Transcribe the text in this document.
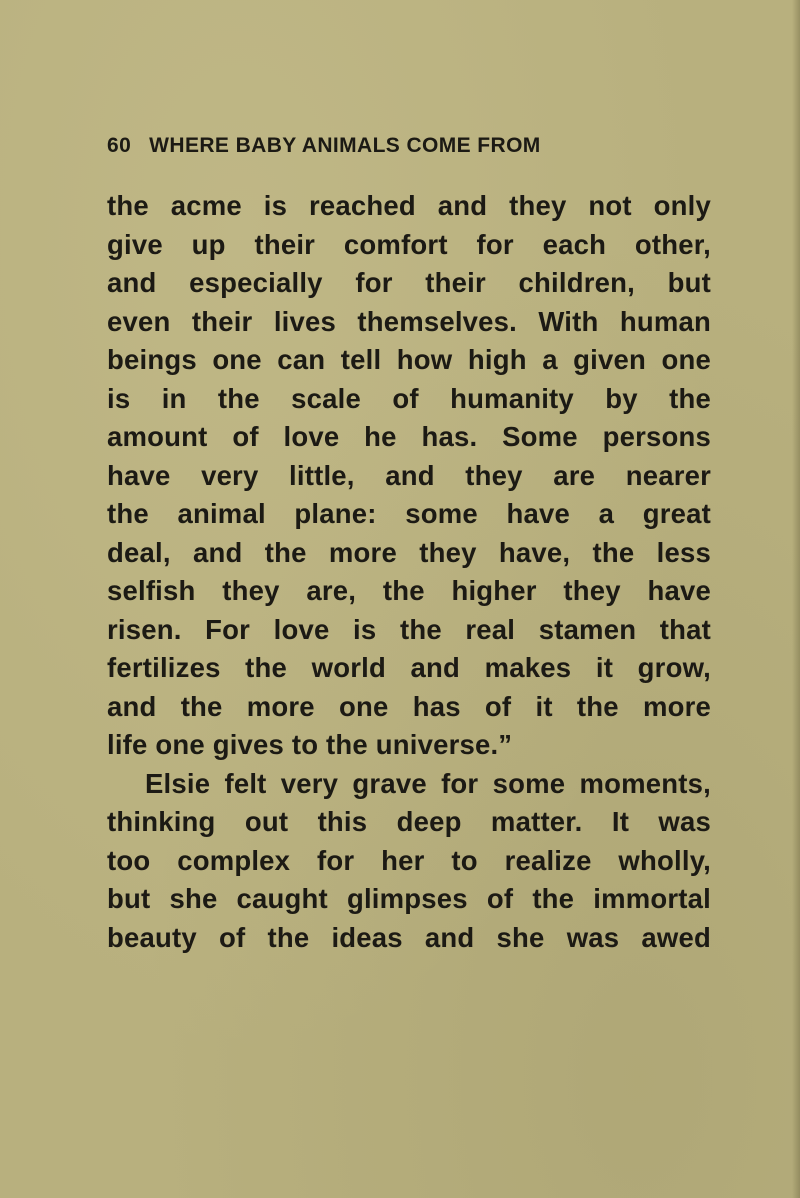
60 WHERE BABY ANIMALS COME FROM
the acme is reached and they not only
give up their comfort for each other,
and especially for their children, but
even their lives themselves. With human
beings one can tell how high a given one
is in the scale of humanity by the
amount of love he has. Some persons
have very little, and they are nearer
the animal plane: some have a great
deal, and the more they have, the less
selfish they are, the higher they have
risen. For love is the real stamen that
fertilizes the world and makes it grow,
and the more one has of it the more
life one gives to the universe.”
Elsie felt very grave for some moments,
thinking out this deep matter. It was
too complex for her to realize wholly,
but she caught glimpses of the immortal
beauty of the ideas and she was awed
